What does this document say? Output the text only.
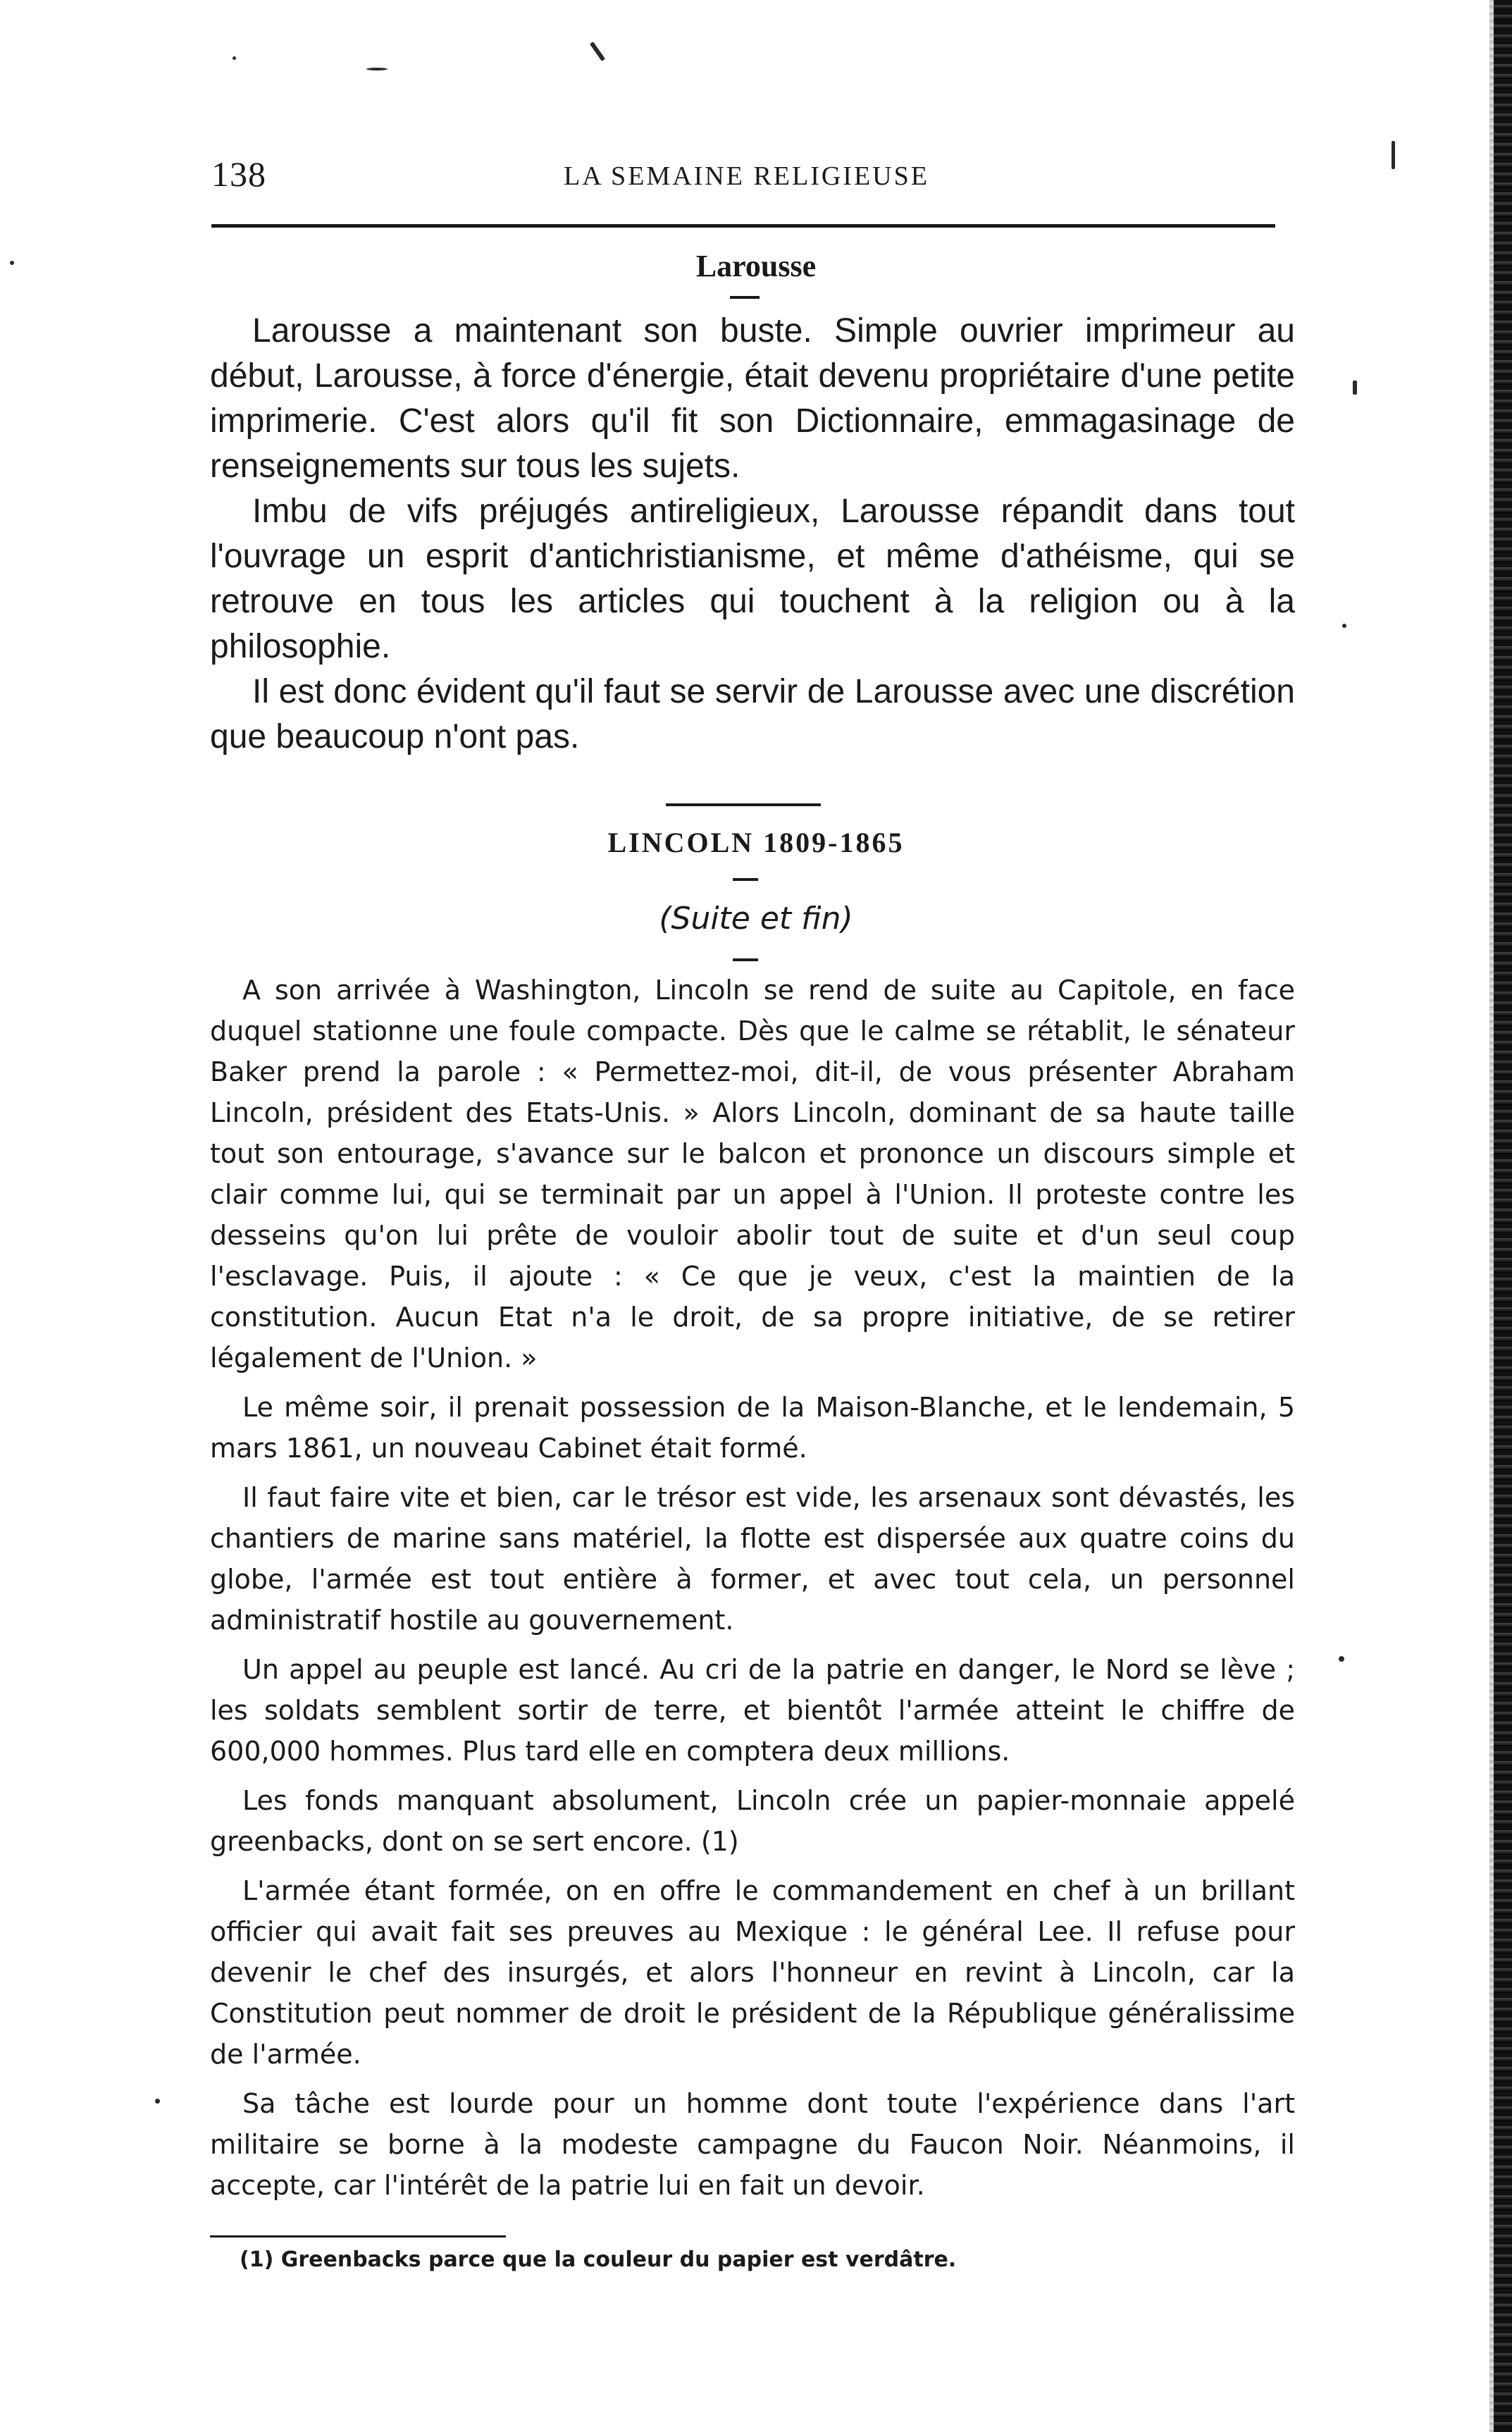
138	LA SEMAINE RELIGIEUSE
Larousse

Larousse a maintenant son buste. Simple ouvrier imprimeur au début, Larousse, à force d'énergie, était devenu propriétaire d'une petite imprimerie. C'est alors qu'il fit son Dictionnaire, emmagasinage de renseignements sur tous les sujets.

Imbu de vifs préjugés antireligieux, Larousse répandit dans tout l'ouvrage un esprit d'antichristianisme, et même d'athéisme, qui se retrouve en tous les articles qui touchent à la religion ou à la philosophie.

Il est donc évident qu'il faut se servir de Larousse avec une discrétion que beaucoup n'ont pas.

LINCOLN 1809-1865
(Suite et fin)

A son arrivée à Washington, Lincoln se rend de suite au Capitole, en face duquel stationne une foule compacte. Dès que le calme se rétablit, le sénateur Baker prend la parole : « Permettez-moi, dit-il, de vous présenter Abraham Lincoln, président des Etats-Unis. » Alors Lincoln, dominant de sa haute taille tout son entourage, s'avance sur le balcon et prononce un discours simple et clair comme lui, qui se terminait par un appel à l'Union. Il proteste contre les desseins qu'on lui prête de vouloir abolir tout de suite et d'un seul coup l'esclavage. Puis, il ajoute : « Ce que je veux, c'est la maintien de la constitution. Aucun Etat n'a le droit, de sa propre initiative, de se retirer légalement de l'Union. »

Le même soir, il prenait possession de la Maison-Blanche, et le lendemain, 5 mars 1861, un nouveau Cabinet était formé.

Il faut faire vite et bien, car le trésor est vide, les arsenaux sont dévastés, les chantiers de marine sans matériel, la flotte est dispersée aux quatre coins du globe, l'armée est tout entière à former, et avec tout cela, un personnel administratif hostile au gouvernement.

Un appel au peuple est lancé. Au cri de la patrie en danger, le Nord se lève ; les soldats semblent sortir de terre, et bientôt l'armée atteint le chiffre de 600,000 hommes. Plus tard elle en comptera deux millions.

Les fonds manquant absolument, Lincoln crée un papier-monnaie appelé greenbacks, dont on se sert encore. (1)

L'armée étant formée, on en offre le commandement en chef à un brillant officier qui avait fait ses preuves au Mexique : le général Lee. Il refuse pour devenir le chef des insurgés, et alors l'honneur en revint à Lincoln, car la Constitution peut nommer de droit le président de la République généralissime de l'armée.

Sa tâche est lourde pour un homme dont toute l'expérience dans l'art militaire se borne à la modeste campagne du Faucon Noir. Néanmoins, il accepte, car l'intérêt de la patrie lui en fait un devoir.

(1) Greenbacks parce que la couleur du papier est verdâtre.
